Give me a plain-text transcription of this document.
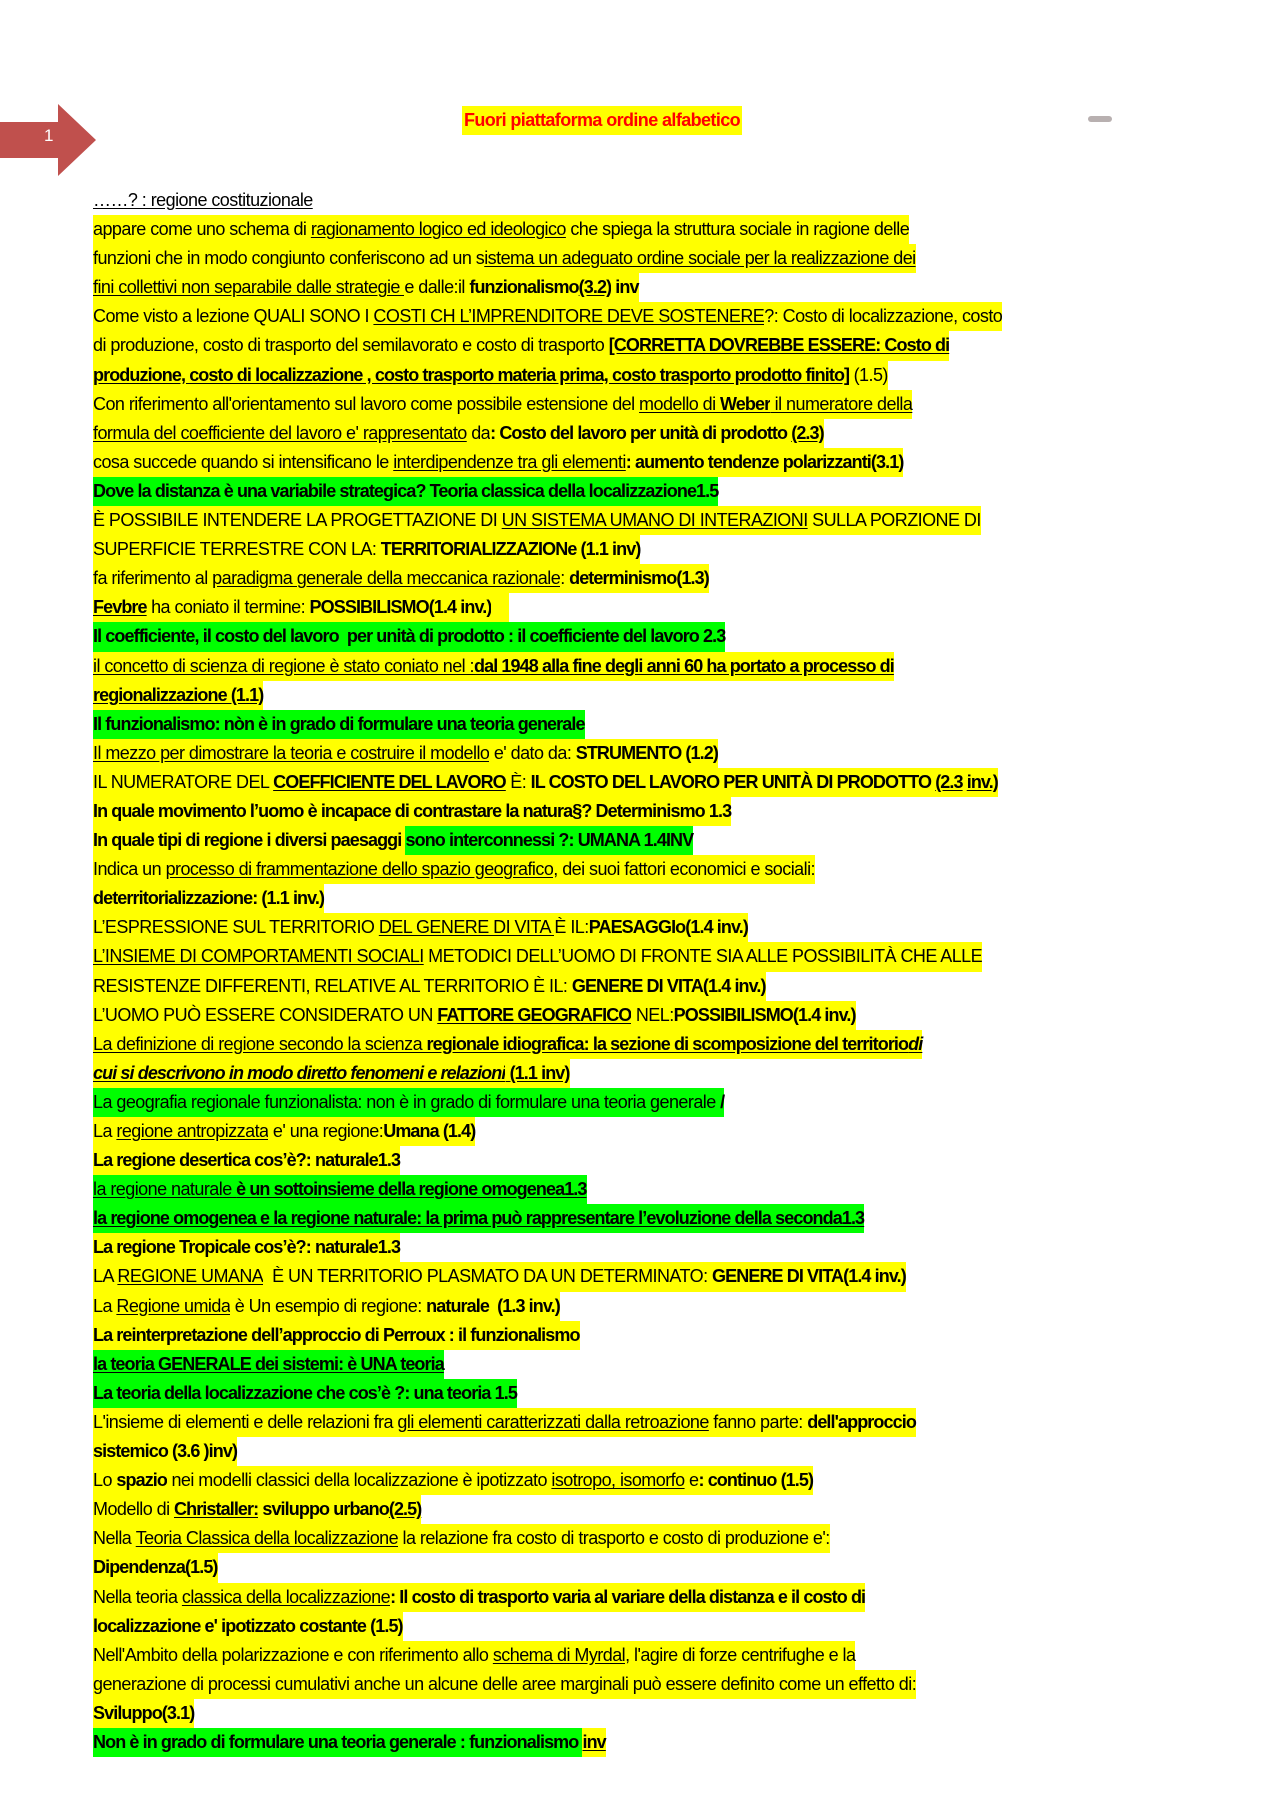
1
Fuori piattaforma ordine alfabetico
……? : regione costituzionale
appare come uno schema di ragionamento logico ed ideologico che spiega la struttura sociale in ragione delle
funzioni che in modo congiunto conferiscono ad un sistema un adeguato ordine sociale per la realizzazione dei
fini collettivi non separabile dalle strategie e dalle:il funzionalismo(3.2) inv
Come visto a lezione QUALI SONO I COSTI CH L’IMPRENDITORE DEVE SOSTENERE?: Costo di localizzazione, costo
di produzione, costo di trasporto del semilavorato e costo di trasporto [CORRETTA DOVREBBE ESSERE: Costo di
produzione, costo di localizzazione , costo trasporto materia prima, costo trasporto prodotto finito] (1.5)
Con riferimento all'orientamento sul lavoro come possibile estensione del modello di Weber il numeratore della
formula del coefficiente del lavoro e' rappresentato da: Costo del lavoro per unità di prodotto (2.3)
cosa succede quando si intensificano le interdipendenze tra gli elementi: aumento tendenze polarizzanti(3.1)
Dove la distanza è una variabile strategica? Teoria classica della localizzazione1.5
È POSSIBILE INTENDERE LA PROGETTAZIONE DI UN SISTEMA UMANO DI INTERAZIONI SULLA PORZIONE DI
SUPERFICIE TERRESTRE CON LA: TERRITORIALIZZAZIONe (1.1 inv)
fa riferimento al paradigma generale della meccanica razionale: determinismo(1.3)
Fevbre ha coniato il termine: POSSIBILISMO(1.4 inv.)
Il coefficiente, il costo del lavoro  per unità di prodotto : il coefficiente del lavoro 2.3
il concetto di scienza di regione è stato coniato nel :dal 1948 alla fine degli anni 60 ha portato a processo di
regionalizzazione (1.1)
Il funzionalismo: nòn è in grado di formulare una teoria generale
Il mezzo per dimostrare la teoria e costruire il modello e' dato da: STRUMENTO (1.2)
IL NUMERATORE DEL COEFFICIENTE DEL LAVORO È: IL COSTO DEL LAVORO PER UNITÀ DI PRODOTTO (2.3 inv.)
In quale movimento l’uomo è incapace di contrastare la natura§? Determinismo 1.3
In quale tipi di regione i diversi paesaggi sono interconnessi ?: UMANA 1.4INV
Indica un processo di frammentazione dello spazio geografico, dei suoi fattori economici e sociali:
deterritorializzazione: (1.1 inv.)
L’ESPRESSIONE SUL TERRITORIO DEL GENERE DI VITA È IL:PAESAGGIo(1.4 inv.)
L’INSIEME DI COMPORTAMENTI SOCIALI METODICI DELL’UOMO DI FRONTE SIA ALLE POSSIBILITÀ CHE ALLE
RESISTENZE DIFFERENTI, RELATIVE AL TERRITORIO È IL: GENERE DI VITA(1.4 inv.)
L’UOMO PUÒ ESSERE CONSIDERATO UN FATTORE GEOGRAFICO NEL:POSSIBILISMO(1.4 inv.)
La definizione di regione secondo la scienza regionale idiografica: la sezione di scomposizione del territoriodi
cui si descrivono in modo diretto fenomeni e relazioni (1.1 inv)
La geografia regionale funzionalista: non è in grado di formulare una teoria generale /
La regione antropizzata e' una regione:Umana (1.4)
La regione desertica cos’è?: naturale1.3
la regione naturale è un sottoinsieme della regione omogenea1.3
la regione omogenea e la regione naturale: la prima può rappresentare l’evoluzione della seconda1.3
La regione Tropicale cos’è?: naturale1.3
LA REGIONE UMANA  È UN TERRITORIO PLASMATO DA UN DETERMINATO: GENERE DI VITA(1.4 inv.)
La Regione umida è Un esempio di regione: naturale  (1.3 inv.)
La reinterpretazione dell’approccio di Perroux : il funzionalismo
la teoria GENERALE dei sistemi: è UNA teoria
La teoria della localizzazione che cos’è ?: una teoria 1.5
L'insieme di elementi e delle relazioni fra gli elementi caratterizzati dalla retroazione fanno parte: dell'approccio
sistemico (3.6 )inv)
Lo spazio nei modelli classici della localizzazione è ipotizzato isotropo, isomorfo e: continuo (1.5)
Modello di Christaller: sviluppo urbano(2.5)
Nella Teoria Classica della localizzazione la relazione fra costo di trasporto e costo di produzione e':
Dipendenza(1.5)
Nella teoria classica della localizzazione: Il costo di trasporto varia al variare della distanza e il costo di
localizzazione e' ipotizzato costante (1.5)
Nell'Ambito della polarizzazione e con riferimento allo schema di Myrdal, l'agire di forze centrifughe e la
generazione di processi cumulativi anche un alcune delle aree marginali può essere definito come un effetto di:
Sviluppo(3.1)
Non è in grado di formulare una teoria generale : funzionalismo inv
